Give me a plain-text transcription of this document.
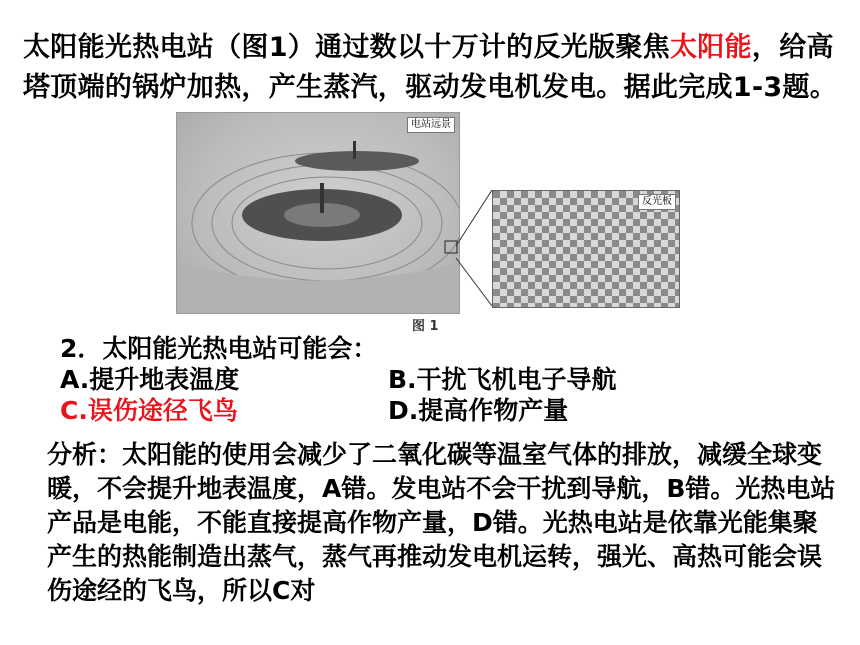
太阳能光热电站（图1）通过数以十万计的反光版聚焦太阳能，给高塔顶端的锅炉加热，产生蒸汽，驱动发电机发电。据此完成1-3题。
电站远景
反光板
图 1
2．太阳能光热电站可能会：
A.提升地表温度	B.干扰飞机电子导航
C.误伤途径飞鸟	D.提高作物产量
分析：太阳能的使用会减少了二氧化碳等温室气体的排放，减缓全球变暖，不会提升地表温度，A错。发电站不会干扰到导航，B错。光热电站产品是电能，不能直接提高作物产量，D错。光热电站是依靠光能集聚产生的热能制造出蒸气，蒸气再推动发电机运转，强光、高热可能会误伤途经的飞鸟，所以C对
